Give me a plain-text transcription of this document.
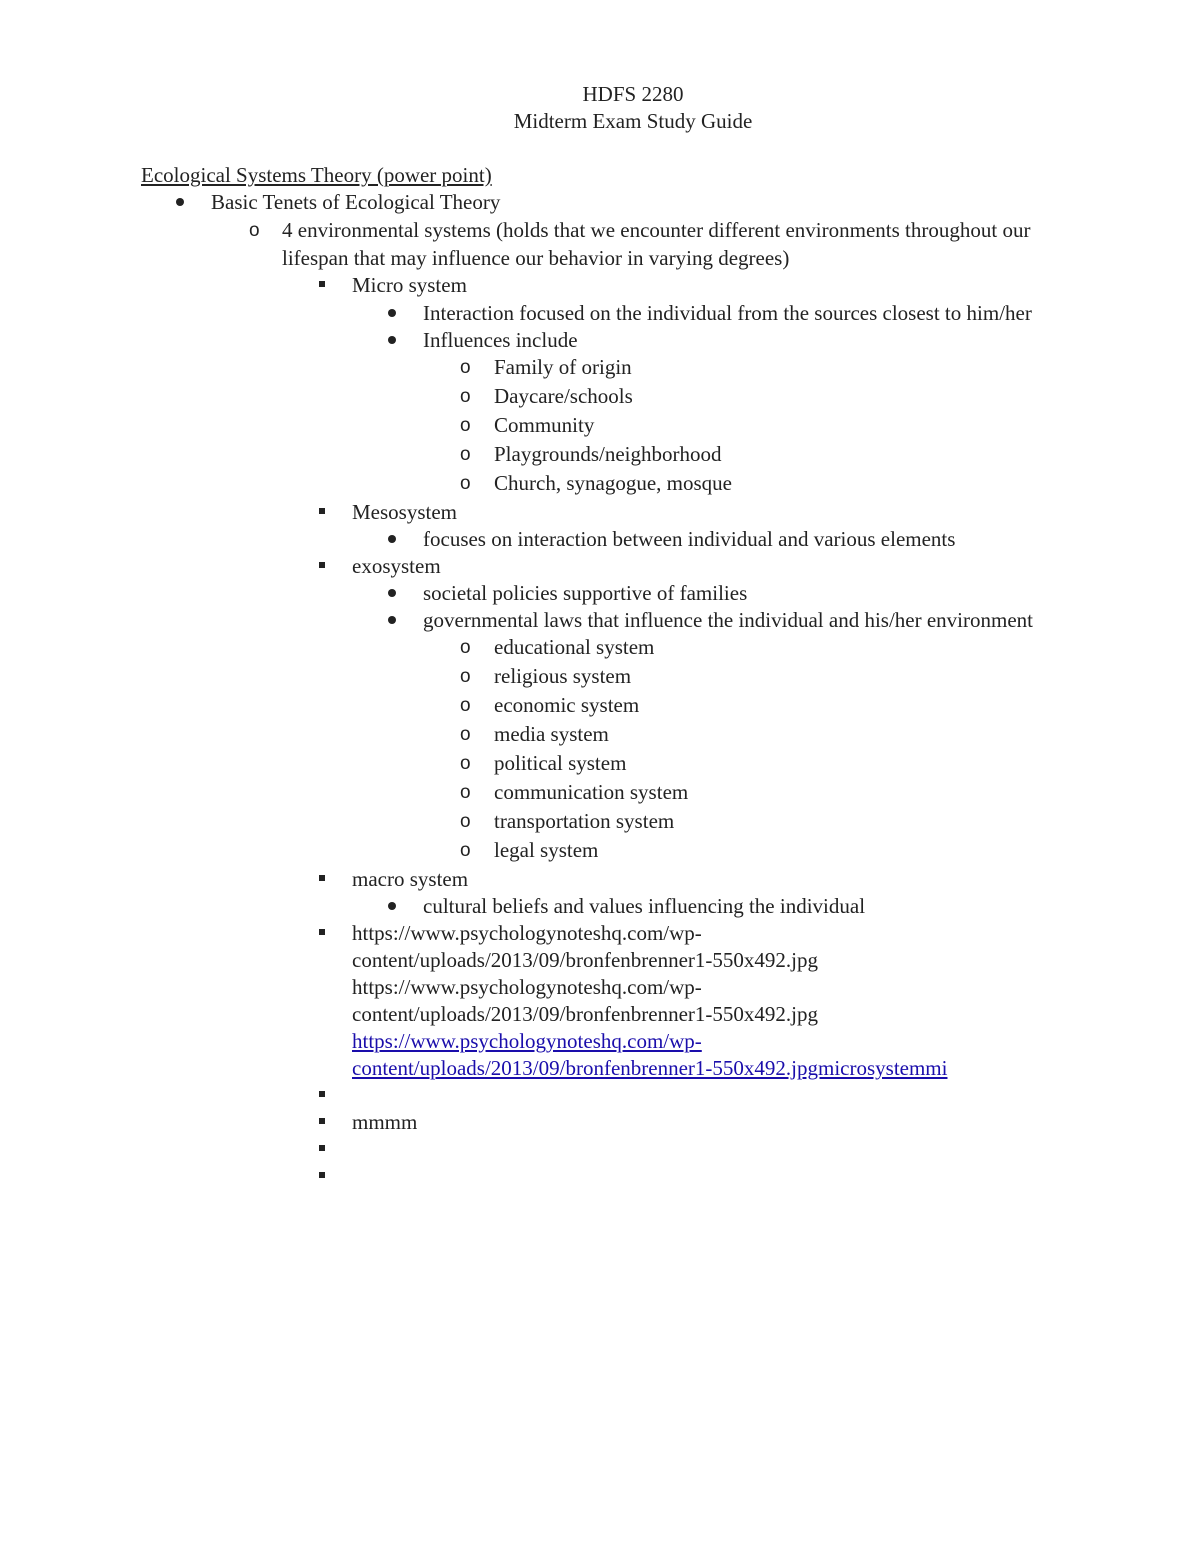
HDFS 2280
Midterm Exam Study Guide
Ecological Systems Theory (power point)
Basic Tenets of Ecological Theory
o 4 environmental systems (holds that we encounter different environments throughout our
lifespan that may influence our behavior in varying degrees)
Micro system
Interaction focused on the individual from the sources closest to him/her
Influences include
o Family of origin
o Daycare/schools
o Community
o Playgrounds/neighborhood
o Church, synagogue, mosque
Mesosystem
focuses on interaction between individual and various elements
exosystem
societal policies supportive of families
governmental laws that influence the individual and his/her environment
o educational system
o religious system
o economic system
o media system
o political system
o communication system
o transportation system
o legal system
macro system
cultural beliefs and values influencing the individual
https://www.psychologynoteshq.com/wp-
content/uploads/2013/09/bronfenbrenner1-550x492.jpg
https://www.psychologynoteshq.com/wp-
content/uploads/2013/09/bronfenbrenner1-550x492.jpg
https://www.psychologynoteshq.com/wp-
content/uploads/2013/09/bronfenbrenner1-550x492.jpgmicrosystemmi
mmmm
